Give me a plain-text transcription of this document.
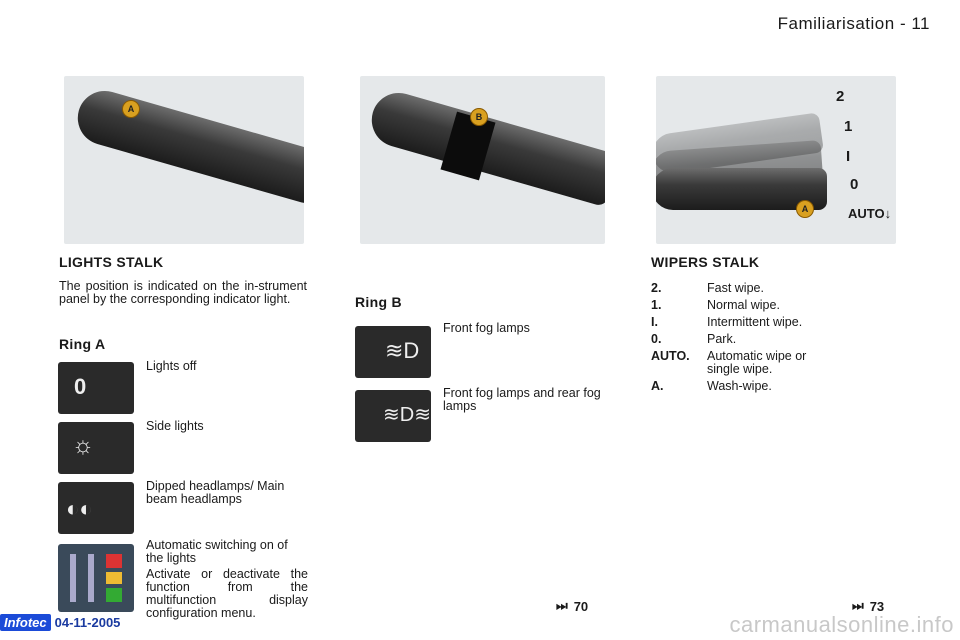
Familiarisation - 11
A
B
A
2
1
I
0
AUTO↓
LIGHTS STALK
The position is indicated on the in-strument panel by the corresponding indicator light.
Ring A
0
Lights off
☼
Side lights
◐◐
Dipped headlamps/ Main beam headlamps
Automatic switching on of the lights
Activate or deactivate the function from the multifunction display configuration menu.
Ring B
≋D
Front fog lamps
≋D≋
Front fog lamps and rear fog lamps
⏭ 70
WIPERS STALK
2.	Fast wipe.
1.	Normal wipe.
I.	Intermittent wipe.
0.	Park.
AUTO.	Automatic wipe or single wipe.
A.	Wash-wipe.
⏭ 73
Infotec 04-11-2005	carmanualsonline.info
